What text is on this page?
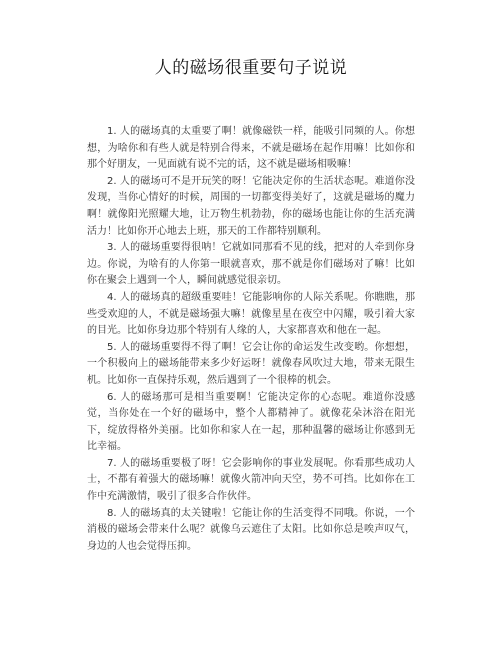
人的磁场很重要句子说说

1. 人的磁场真的太重要了啊！就像磁铁一样，能吸引同频的人。你想想，为啥你和有些人就是特别合得来，不就是磁场在起作用嘛！比如你和那个好朋友，一见面就有说不完的话，这不就是磁场相吸嘛！

2. 人的磁场可不是开玩笑的呀！它能决定你的生活状态呢。难道你没发现，当你心情好的时候，周围的一切都变得美好了，这就是磁场的魔力啊！就像阳光照耀大地，让万物生机勃勃，你的磁场也能让你的生活充满活力！比如你开心地去上班，那天的工作都特别顺利。

3. 人的磁场重要得很呐！它就如同那看不见的线，把对的人牵到你身边。你说，为啥有的人你第一眼就喜欢，那不就是你们磁场对了嘛！比如你在聚会上遇到一个人，瞬间就感觉很亲切。

4. 人的磁场真的超级重要哇！它能影响你的人际关系呢。你瞧瞧，那些受欢迎的人，不就是磁场强大嘛！就像星星在夜空中闪耀，吸引着大家的目光。比如你身边那个特别有人缘的人，大家都喜欢和他在一起。

5. 人的磁场重要得不得了啊！它会让你的命运发生改变哟。你想想，一个积极向上的磁场能带来多少好运呀！就像春风吹过大地，带来无限生机。比如你一直保持乐观，然后遇到了一个很棒的机会。

6. 人的磁场那可是相当重要啊！它能决定你的心态呢。难道你没感觉，当你处在一个好的磁场中，整个人都精神了。就像花朵沐浴在阳光下，绽放得格外美丽。比如你和家人在一起，那种温馨的磁场让你感到无比幸福。

7. 人的磁场重要极了呀！它会影响你的事业发展呢。你看那些成功人士，不都有着强大的磁场嘛！就像火箭冲向天空，势不可挡。比如你在工作中充满激情，吸引了很多合作伙伴。

8. 人的磁场真的太关键啦！它能让你的生活变得不同哦。你说，一个消极的磁场会带来什么呢？就像乌云遮住了太阳。比如你总是唉声叹气，身边的人也会觉得压抑。
